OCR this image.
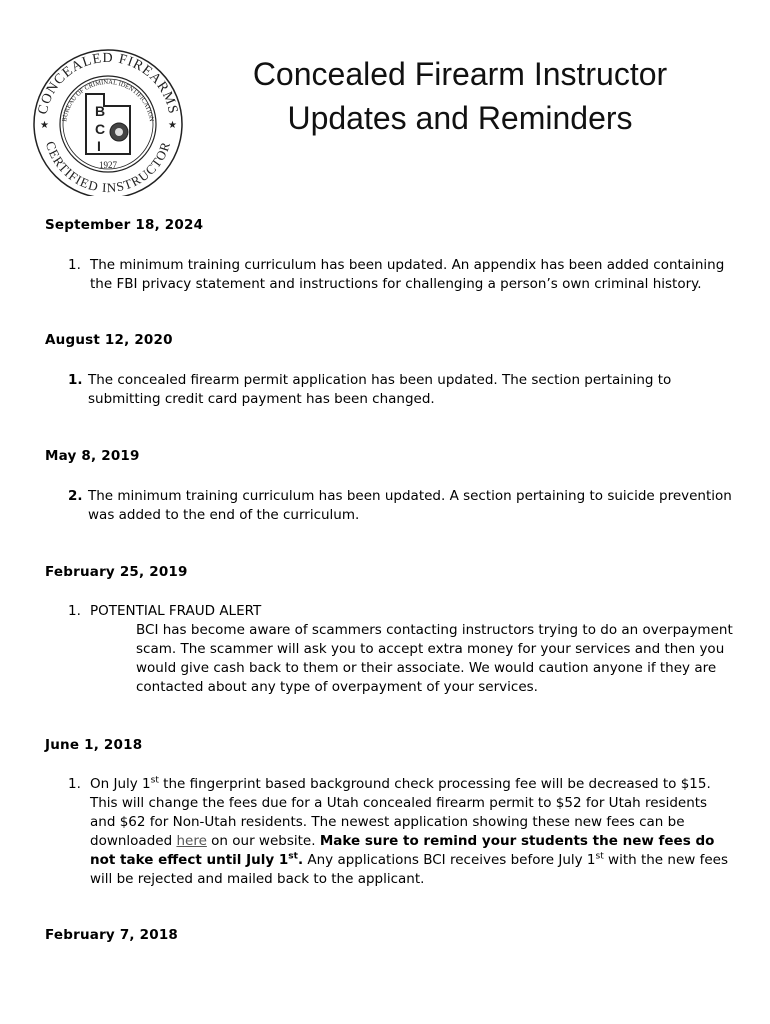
CONCEALED FIREARMS
CERTIFIED INSTRUCTOR
BUREAU OF CRIMINAL IDENTIFICATION
B
C
I
1927
★	★
Concealed Firearm Instructor
Updates and Reminders
September 18, 2024
1. The minimum training curriculum has been updated. An appendix has been added containing the FBI privacy statement and instructions for challenging a person’s own criminal history.
August 12, 2020
1. The concealed firearm permit application has been updated. The section pertaining to submitting credit card payment has been changed.
May 8, 2019
2. The minimum training curriculum has been updated. A section pertaining to suicide prevention was added to the end of the curriculum.
February 25, 2019
1. POTENTIAL FRAUD ALERT
BCI has become aware of scammers contacting instructors trying to do an overpayment scam. The scammer will ask you to accept extra money for your services and then you would give cash back to them or their associate. We would caution anyone if they are contacted about any type of overpayment of your services.
June 1, 2018
1. On July 1st the fingerprint based background check processing fee will be decreased to $15. This will change the fees due for a Utah concealed firearm permit to $52 for Utah residents and $62 for Non-Utah residents. The newest application showing these new fees can be downloaded here on our website. Make sure to remind your students the new fees do not take effect until July 1st. Any applications BCI receives before July 1st with the new fees will be rejected and mailed back to the applicant.
February 7, 2018
